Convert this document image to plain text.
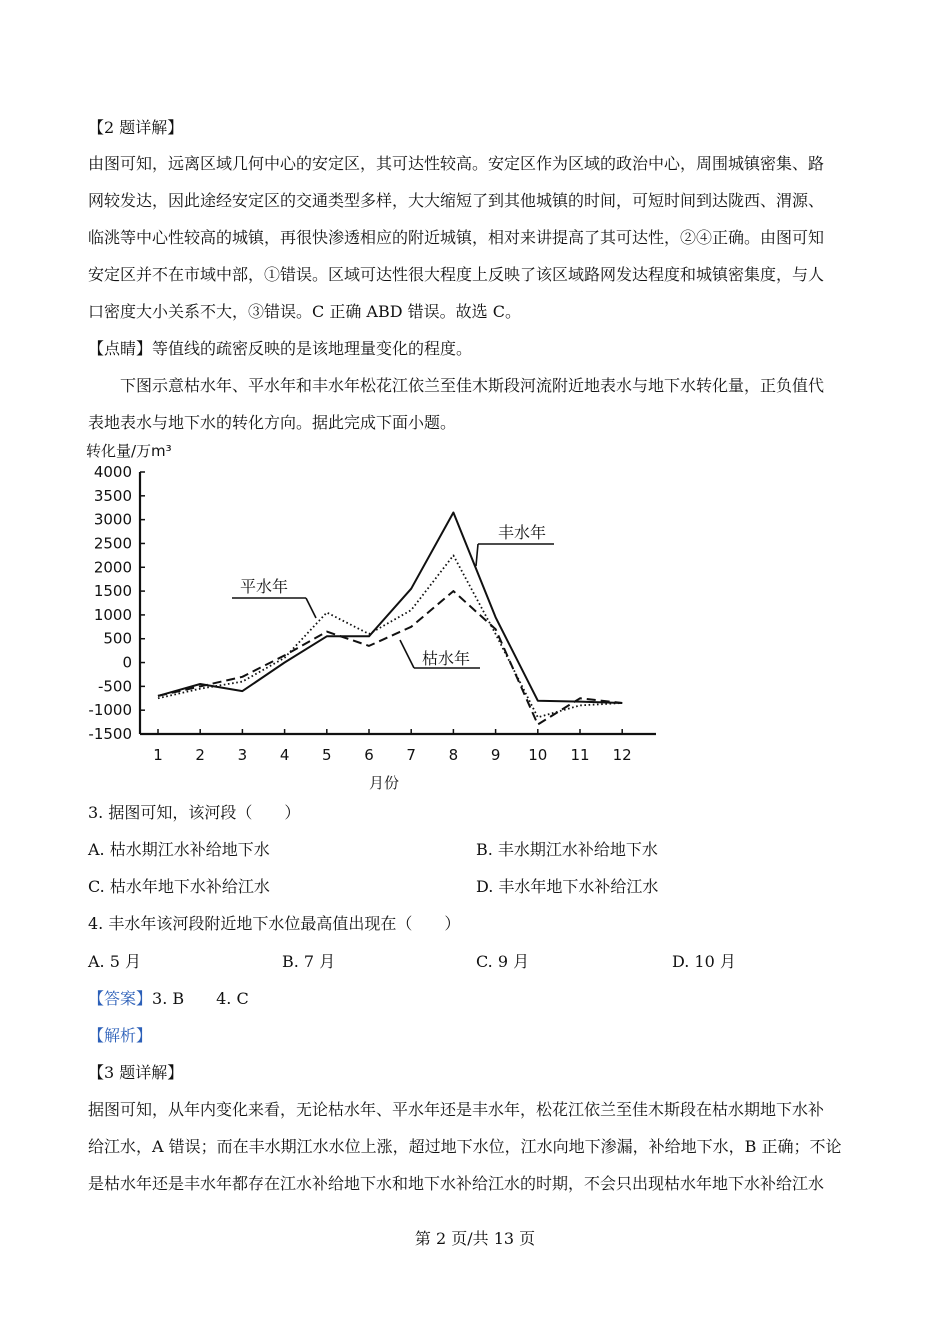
【2 题详解】
由图可知，远离区域几何中心的安定区，其可达性较高。安定区作为区域的政治中心，周围城镇密集、路
网较发达，因此途经安定区的交通类型多样，大大缩短了到其他城镇的时间，可短时间到达陇西、渭源、
临洮等中心性较高的城镇，再很快渗透相应的附近城镇，相对来讲提高了其可达性，②④正确。由图可知
安定区并不在市域中部，①错误。区域可达性很大程度上反映了该区域路网发达程度和城镇密集度，与人
口密度大小关系不大，③错误。C 正确 ABD 错误。故选 C。
【点睛】等值线的疏密反映的是该地理量变化的程度。
下图示意枯水年、平水年和丰水年松花江依兰至佳木斯段河流附近地表水与地下水转化量，正负值代
表地表水与地下水的转化方向。据此完成下面小题。
4000
3500
3000
2500
2000
1500
1000
500
0
-500
-1000
-1500
1 2 3 4 5 6 7 8 9 10 11 12
丰水年
平水年
枯水年
转化量/万m³
月份
3. 据图可知，该河段（　　）
A. 枯水期江水补给地下水	B. 丰水期江水补给地下水
C. 枯水年地下水补给江水	D. 丰水年地下水补给江水
4. 丰水年该河段附近地下水位最高值出现在（　　）
A. 5 月	B. 7 月	C. 9 月	D. 10 月
【答案】3. B　　4. C
【解析】
【3 题详解】
据图可知，从年内变化来看，无论枯水年、平水年还是丰水年，松花江依兰至佳木斯段在枯水期地下水补
给江水，A 错误；而在丰水期江水水位上涨，超过地下水位，江水向地下渗漏，补给地下水，B 正确；不论
是枯水年还是丰水年都存在江水补给地下水和地下水补给江水的时期，不会只出现枯水年地下水补给江水
第 2 页/共 13 页
